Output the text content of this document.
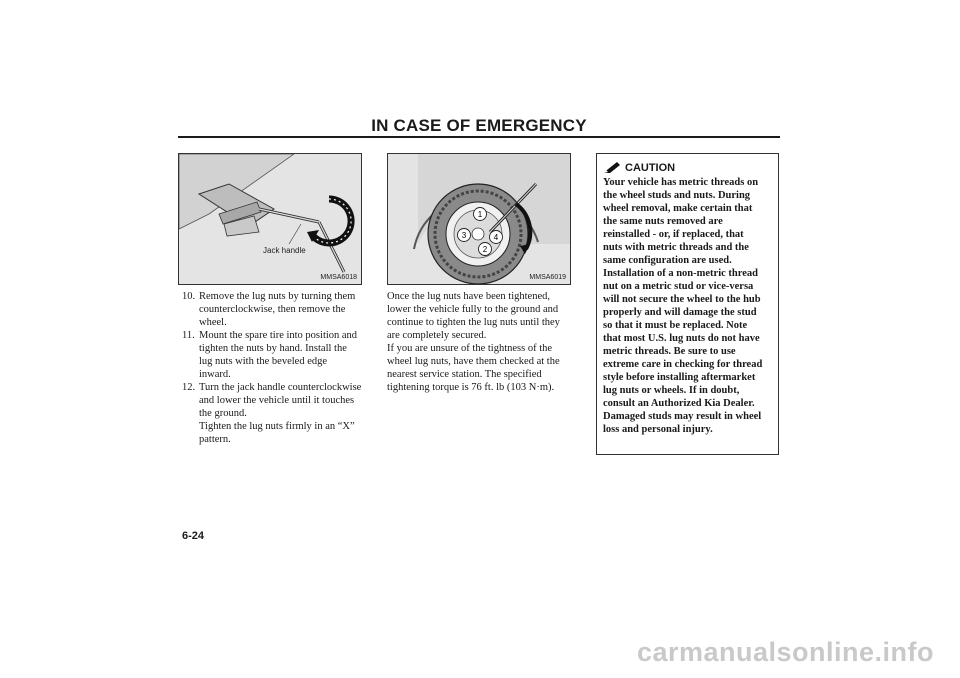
IN CASE OF EMERGENCY
Jack handle
MMSA6018
1
3	4
2
MMSA6019
10. Remove the lug nuts by turning them
counterclockwise, then remove the
wheel.
11. Mount the spare tire into position and
tighten the nuts by hand. Install the
lug nuts with the beveled edge
inward.
12. Turn the jack handle counterclockwise
and lower the vehicle until it touches
the ground.
Tighten the lug nuts firmly in an “X”
pattern.
Once the lug nuts have been tightened,
lower the vehicle fully to the ground and
continue to tighten the lug nuts until they
are completely secured.
If you are unsure of the tightness of the
wheel lug nuts, have them checked at the
nearest service station. The specified
tightening torque is 76 ft. lb (103 N·m).
CAUTION
Your vehicle has metric threads on
the wheel studs and nuts. During
wheel removal, make certain that
the same nuts removed are
reinstalled - or, if replaced, that
nuts with metric threads and the
same configuration are used.
Installation of a non-metric thread
nut on a metric stud or vice-versa
will not secure the wheel to the hub
properly and will damage the stud
so that it must be replaced. Note
that most U.S. lug nuts do not have
metric threads. Be sure to use
extreme care in checking for thread
style before installing aftermarket
lug nuts or wheels. If in doubt,
consult an Authorized Kia Dealer.
Damaged studs may result in wheel
loss and personal injury.
6-24
carmanualsonline.info
